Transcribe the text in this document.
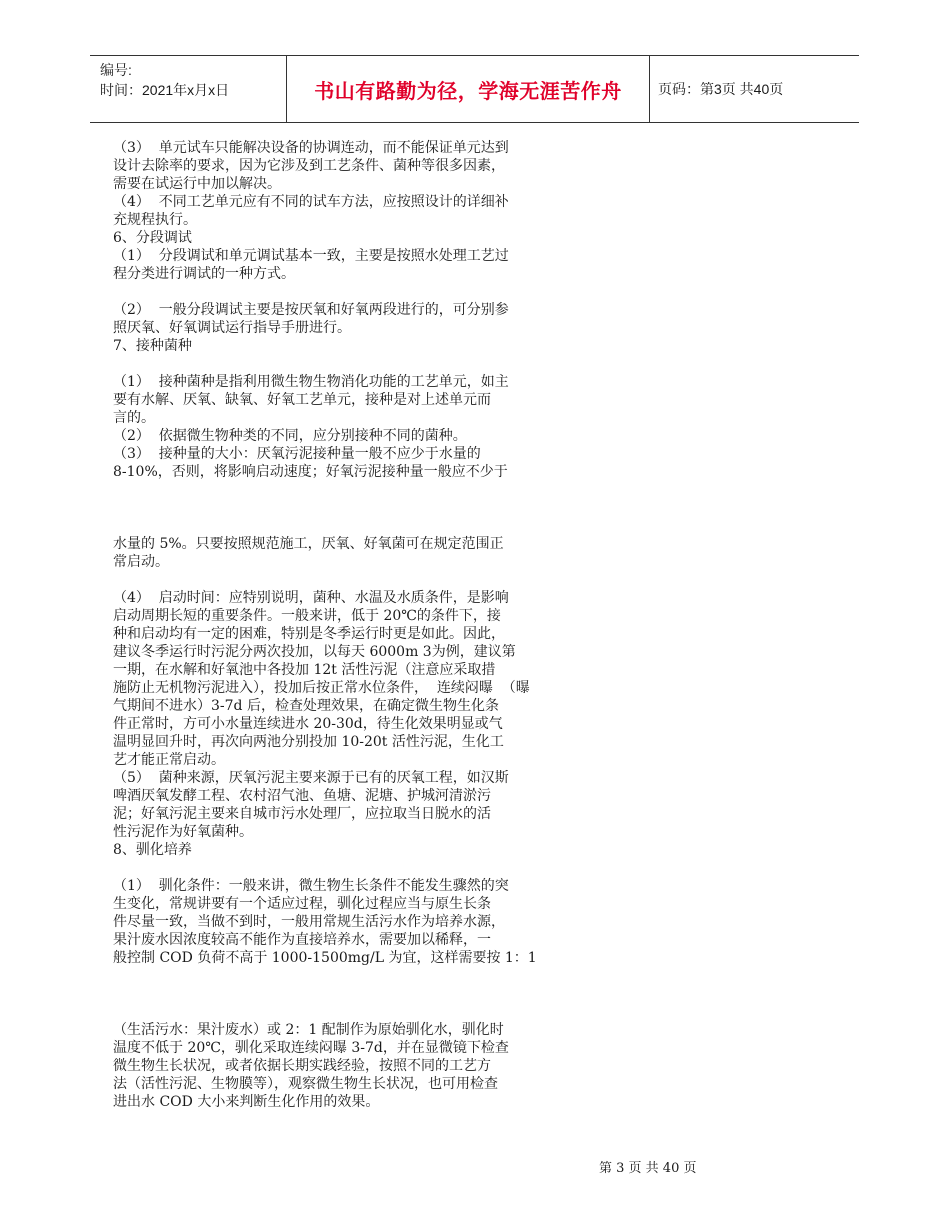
编号:
时间：2021年x月x日	书山有路勤为径，学海无涯苦作舟	页码：第3页 共40页
（3）  单元试车只能解决设备的协调连动，而不能保证单元达到
设计去除率的要求，因为它涉及到工艺条件、菌种等很多因素，
需要在试运行中加以解决。
（4）  不同工艺单元应有不同的试车方法，应按照设计的详细补
充规程执行。
6、分段调试
（1）  分段调试和单元调试基本一致，主要是按照水处理工艺过
程分类进行调试的一种方式。
（2）  一般分段调试主要是按厌氧和好氧两段进行的，可分别参
照厌氧、好氧调试运行指导手册进行。
7、接种菌种
（1）  接种菌种是指利用微生物生物消化功能的工艺单元，如主
要有水解、厌氧、缺氧、好氧工艺单元，接种是对上述单元而
言的。
（2）  依据微生物种类的不同，应分别接种不同的菌种。
（3）  接种量的大小：厌氧污泥接种量一般不应少于水量的
8-10%，否则，将影响启动速度；好氧污泥接种量一般应不少于
水量的 5%。只要按照规范施工，厌氧、好氧菌可在规定范围正
常启动。
（4）  启动时间：应特别说明，菌种、水温及水质条件，是影响
启动周期长短的重要条件。一般来讲，低于 20℃的条件下，接
种和启动均有一定的困难，特别是冬季运行时更是如此。因此，
建议冬季运行时污泥分两次投加，以每天 6000m 3为例，建议第
一期，在水解和好氧池中各投加 12t 活性污泥（注意应采取措
施防止无机物污泥进入），投加后按正常水位条件，  连续闷曝  （曝
气期间不进水）3-7d 后，检查处理效果，在确定微生物生化条
件正常时，方可小水量连续进水 20-30d，待生化效果明显或气
温明显回升时，再次向两池分别投加 10-20t 活性污泥，生化工
艺才能正常启动。
（5）  菌种来源，厌氧污泥主要来源于已有的厌氧工程，如汉斯
啤酒厌氧发酵工程、农村沼气池、鱼塘、泥塘、护城河清淤污
泥；好氧污泥主要来自城市污水处理厂，应拉取当日脱水的活
性污泥作为好氧菌种。
8、驯化培养
（1）  驯化条件：一般来讲，微生物生长条件不能发生骤然的突
生变化，常规讲要有一个适应过程，驯化过程应当与原生长条
件尽量一致，当做不到时，一般用常规生活污水作为培养水源，
果汁废水因浓度较高不能作为直接培养水，需要加以稀释，一
般控制 COD 负荷不高于 1000-1500mg/L 为宜，这样需要按 1：1
（生活污水：果汁废水）或 2：1 配制作为原始驯化水，驯化时
温度不低于 20℃，驯化采取连续闷曝 3-7d，并在显微镜下检查
微生物生长状况，或者依据长期实践经验，按照不同的工艺方
法（活性污泥、生物膜等），观察微生物生长状况，也可用检查
进出水 COD 大小来判断生化作用的效果。
第 3 页 共 40 页
